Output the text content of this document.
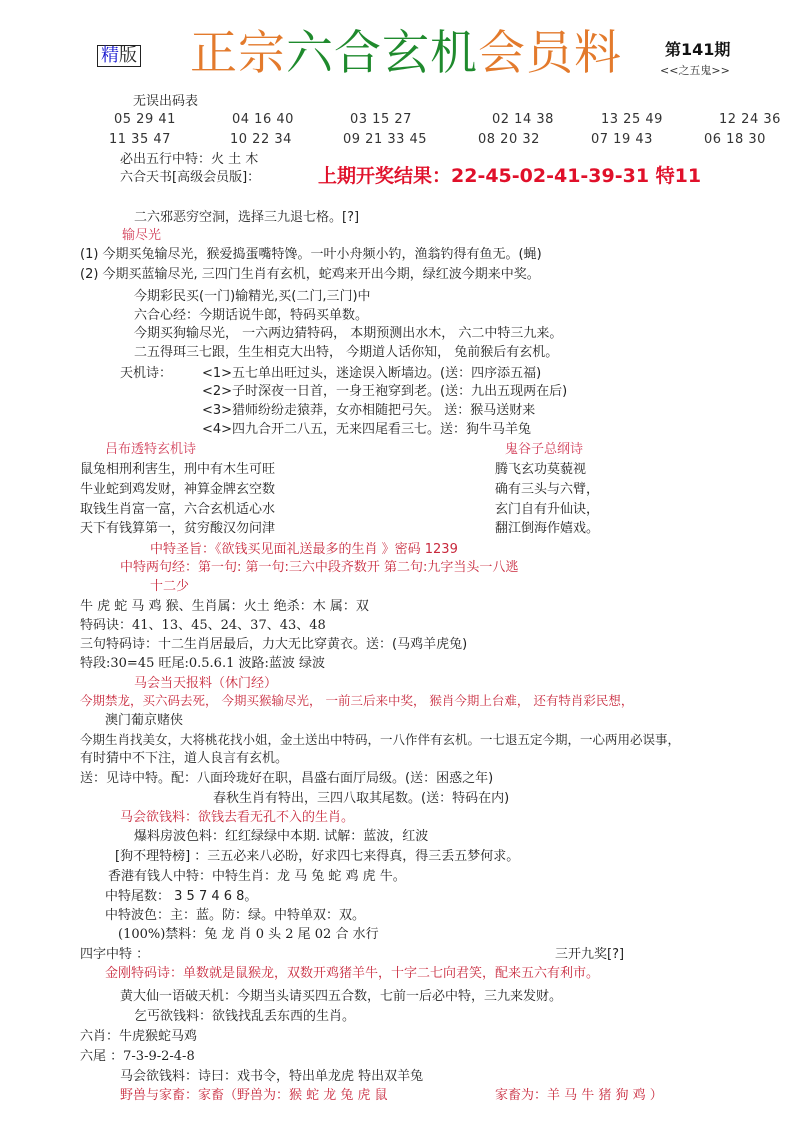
精版 正宗六合玄机会员料	第141期
<<之五鬼>>
无误出码表
05 29 41	04 16 40	03 15 27	02 14 38	13 25 49	12 24 36
11 35 47	10 22 34	09 21 33 45	08 20 32	07 19 43	06 18 30
必出五行中特：火 土 木
六合天书[高级会员版]：	上期开奖结果：22-45-02-41-39-31 特11
二六邪恶穷空洞，选择三九退七格。[?]
输尽光
(1) 今期买兔输尽光，猴爱捣蛋嘴特馋。一叶小舟频小钓，渔翁钓得有鱼无。(蝇)
(2) 今期买蓝输尽光, 三四门生肖有玄机，蛇鸡来开出今期，绿红波今期来中奖。
今期彩民买(一门)输精光,买(二门,三门)中
六合心经：今期话说牛郎，特码买单数。
今期买狗输尽光， 一六两边猜特码， 本期预测出水木， 六二中特三九来。
二五得珥三七跟，生生相克大出特， 今期道人话你知， 兔前猴后有玄机。
天机诗： <1>五七单出旺过头，迷途误入断墙边。(送：四序添五福)
<2>子时深夜一日首，一身王袍穿到老。(送：九出五现两在后)
<3>猎师纷纷走猿莽，女亦相随把弓矢。 送：猴马送财来
<4>四九合开二八五，无来四尾看三七。送：狗牛马羊兔
吕布透特玄机诗	鬼谷子总纲诗
鼠兔相刑利害生，刑中有木生可旺
牛业蛇到鸡发财，神算金牌玄空数
取钱生肖富一富，六合玄机适心水
天下有钱算第一，贫穷酸汉勿问津
腾飞玄功莫藐视
确有三头与六臂，
玄门自有升仙诀，
翻江倒海作嬉戏。
中特圣旨：《欲钱买见面礼送最多的生肖 》密码 1239
中特两句经：第一句: 第一句:三六中段齐数开 第二句:九字当头一八逃
十二少
牛 虎 蛇 马 鸡 猴、生肖属：火土 绝杀：木 属：双
特码诀：41、13、45、24、37、43、48
三句特码诗：十二生肖居最后，力大无比穿黄衣。送：(马鸡羊虎兔)
特段:30=45 旺尾:0.5.6.1 波路:蓝波 绿波
马会当天报料（休门经）
今期禁龙，买六码去死， 今期买猴输尽光， 一前三后来中奖， 猴肖今期上台难， 还有特肖彩民想，
澳门葡京赌侠
今期生肖找美女，大将桃花找小姐，金土送出中特码，一八作伴有玄机。一七退五定今期，一心两用必误事，
有时猜中不下注，道人良言有玄机。
送：见诗中特。配：八面玲珑好在职，昌盛右面厅局级。(送：困惑之年)
春秋生肖有特出，三四八取其尾数。(送：特码在内)
马会欲钱料：欲钱去看无孔不入的生肖。
爆料房波色料：红红绿绿中本期. 试解：蓝波，红波
[狗不理特榜] ：三五必来八必盼，好求四七来得真，得三丢五梦何求。
香港有钱人中特：中特生肖：龙 马 兔 蛇 鸡 虎 牛。
中特尾数： 3 5 7 4 6 8。
中特波色：主：蓝。防：绿。中特单双：双。
(100%)禁料：兔 龙 肖 0 头 2 尾 02 合 水行
四字中特 ：	三开九奖[?]
金刚特码诗：单数就是鼠猴龙，双数开鸡猪羊牛，十字二七向君笑，配来五六有利市。
黄大仙一语破天机：今期当头请买四五合数，七前一后必中特，三九来发财。
乞丐欲钱料：欲钱找乱丢东西的生肖。
六肖：牛虎猴蛇马鸡
六尾 ：7-3-9-2-4-8
马会欲钱料：诗曰：戏书令，特出单龙虎 特出双羊兔
野兽与家畜：家畜（野兽为：猴 蛇 龙 兔 虎 鼠	家畜为：羊 马 牛 猪 狗 鸡 ）
